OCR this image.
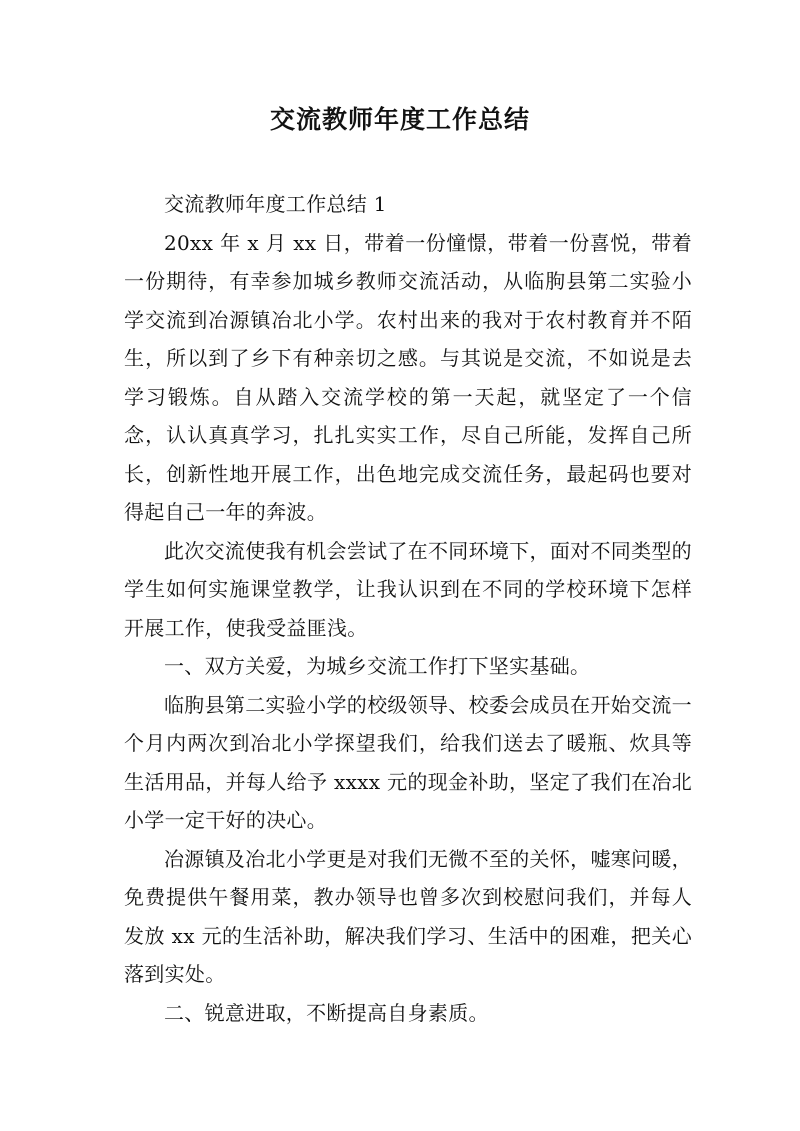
交流教师年度工作总结

交流教师年度工作总结 1

20xx 年 x 月 xx 日，带着一份憧憬，带着一份喜悦，带着一份期待，有幸参加城乡教师交流活动，从临朐县第二实验小学交流到冶源镇冶北小学。农村出来的我对于农村教育并不陌生，所以到了乡下有种亲切之感。与其说是交流，不如说是去学习锻炼。自从踏入交流学校的第一天起，就坚定了一个信念，认认真真学习，扎扎实实工作，尽自己所能，发挥自己所长，创新性地开展工作，出色地完成交流任务，最起码也要对得起自己一年的奔波。

此次交流使我有机会尝试了在不同环境下，面对不同类型的学生如何实施课堂教学，让我认识到在不同的学校环境下怎样开展工作，使我受益匪浅。

一、双方关爱，为城乡交流工作打下坚实基础。

临朐县第二实验小学的校级领导、校委会成员在开始交流一个月内两次到冶北小学探望我们，给我们送去了暖瓶、炊具等生活用品，并每人给予 xxxx 元的现金补助，坚定了我们在冶北小学一定干好的决心。

冶源镇及冶北小学更是对我们无微不至的关怀，嘘寒问暖，免费提供午餐用菜，教办领导也曾多次到校慰问我们，并每人发放 xx 元的生活补助，解决我们学习、生活中的困难，把关心落到实处。

二、锐意进取，不断提高自身素质。
